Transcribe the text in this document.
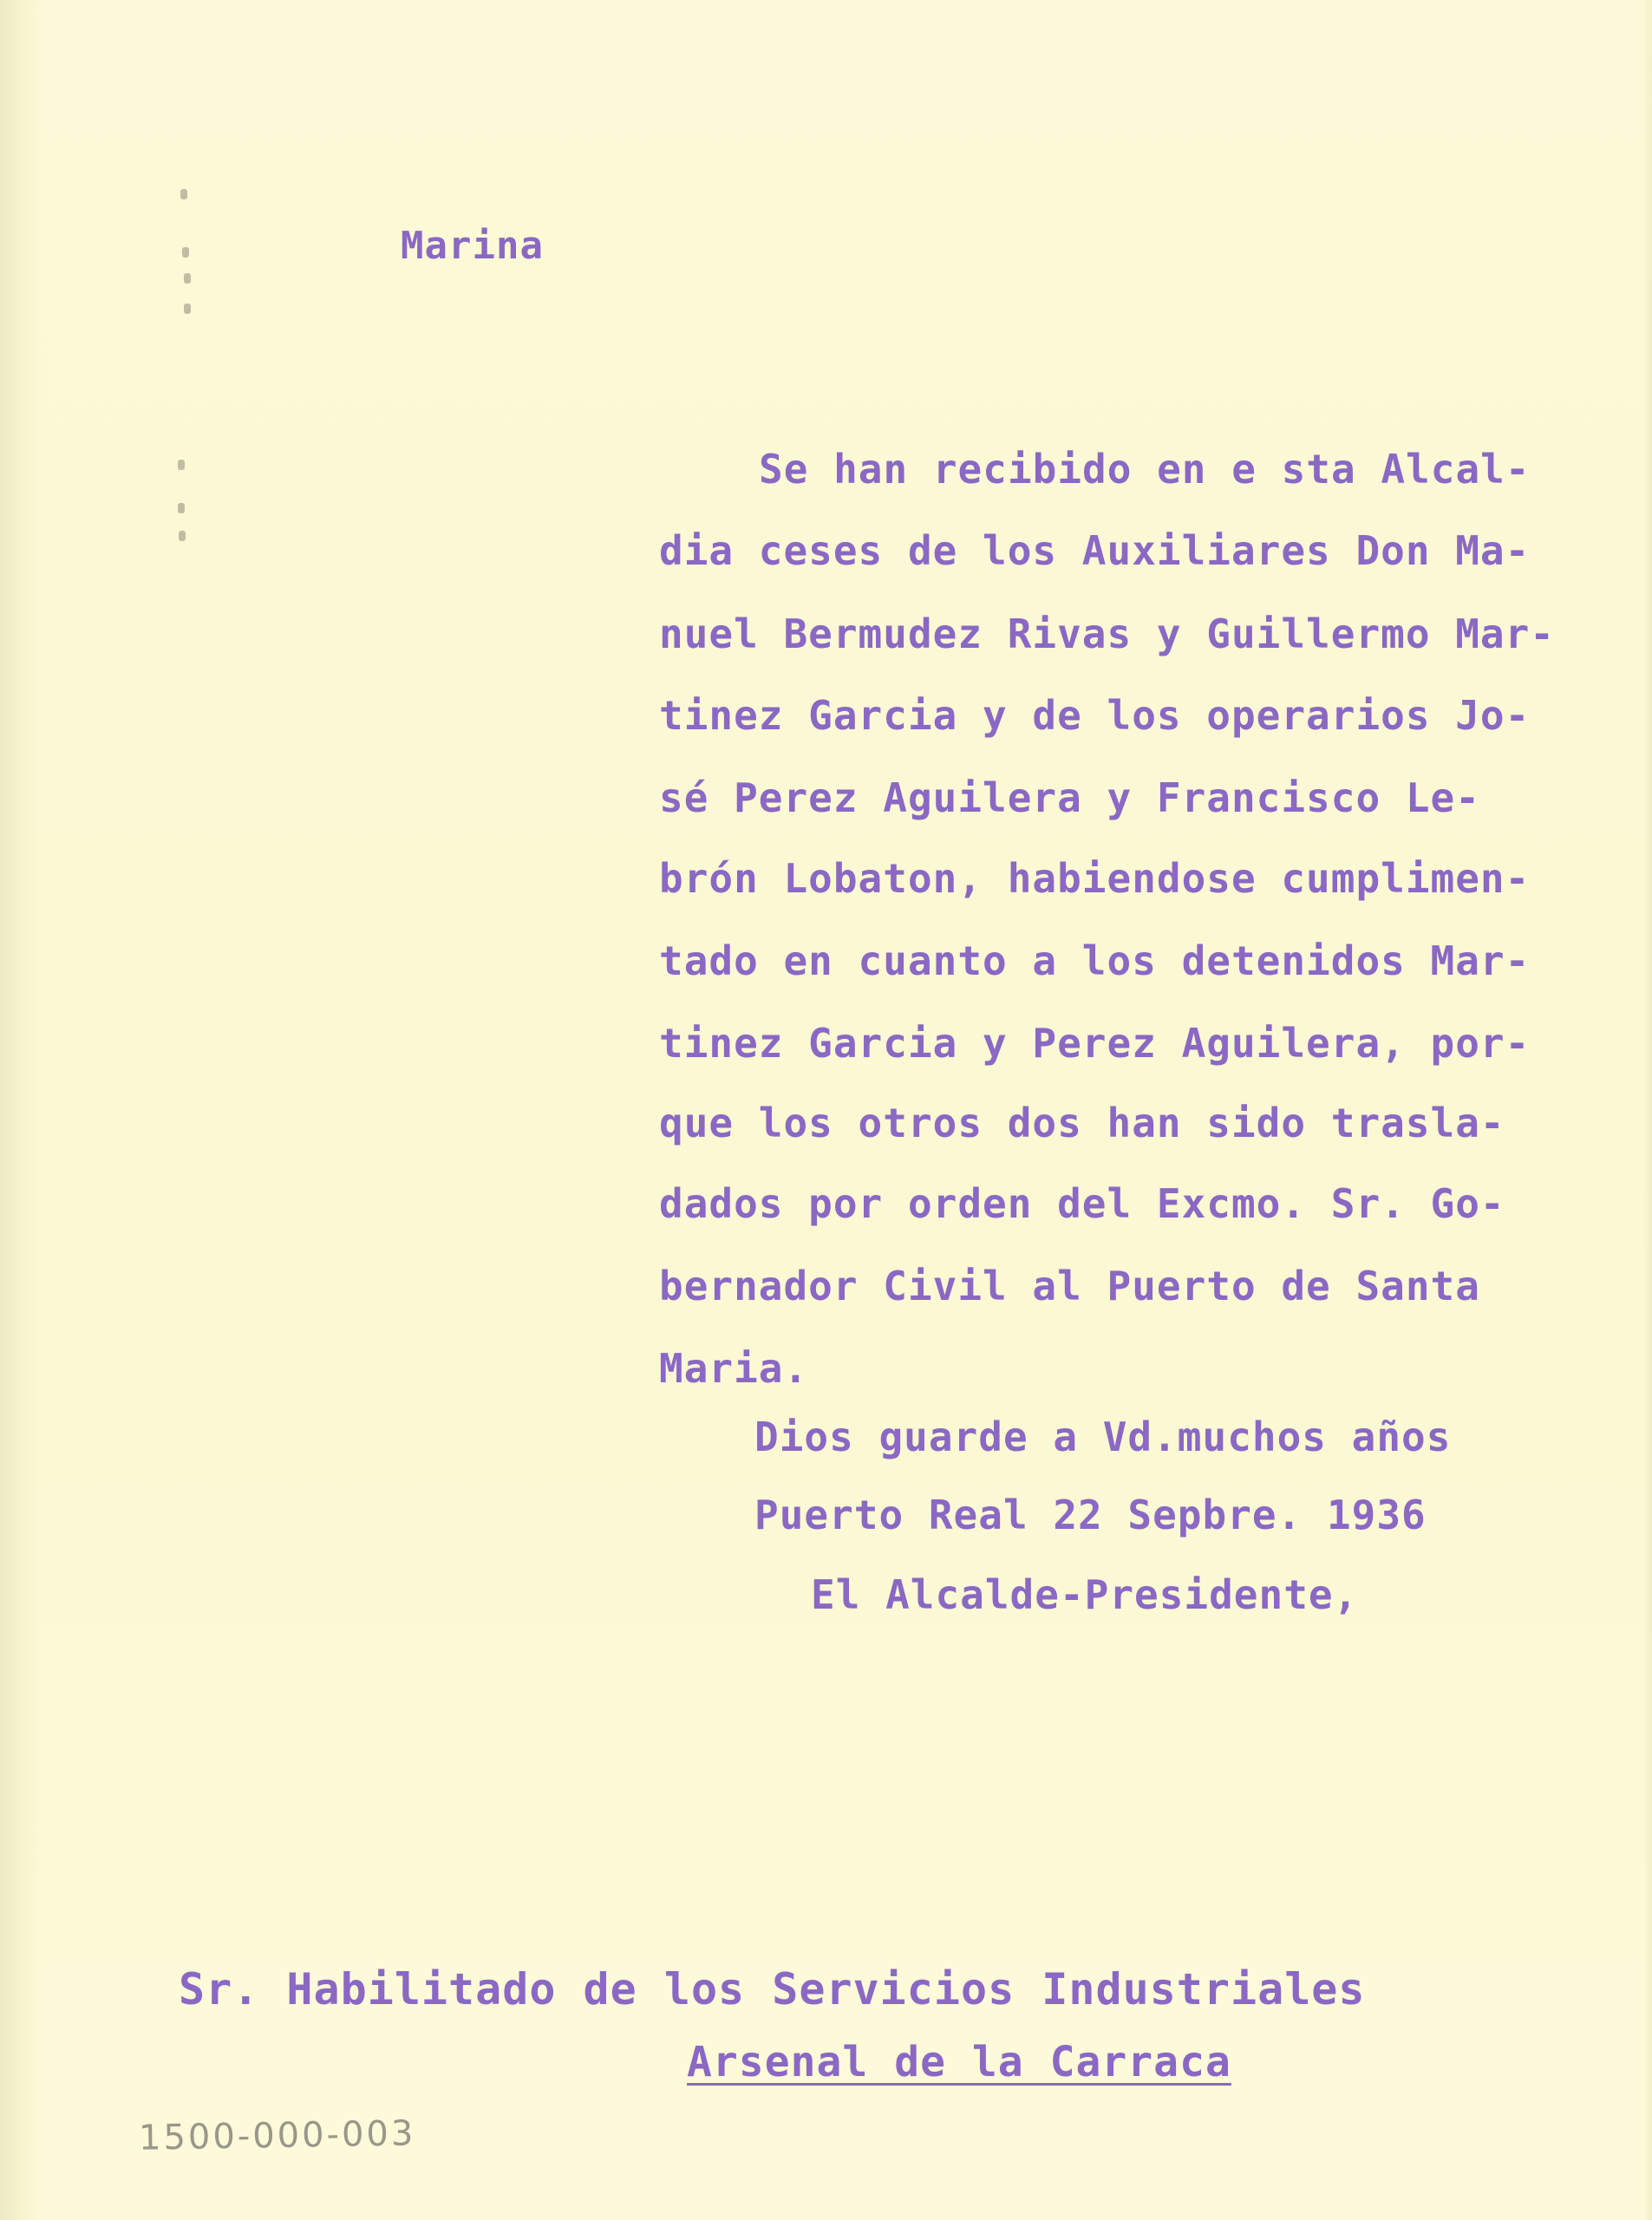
Marina

Se han recibido en e sta Alcal-

dia ceses de los Auxiliares Don Ma-

nuel Bermudez Rivas y Guillermo Mar-

tinez Garcia y de los operarios Jo-

sé Perez Aguilera y Francisco Le-

brón Lobaton, habiendose cumplimen-

tado en cuanto a los detenidos Mar-

tinez Garcia y Perez Aguilera, por-

que los otros dos han sido trasla-

dados por orden del Excmo. Sr. Go-

bernador Civil al Puerto de Santa

Maria.

Dios guarde a Vd.muchos años

Puerto Real 22 Sepbre. 1936

El Alcalde-Presidente,

Sr. Habilitado de los Servicios Industriales

Arsenal de la Carraca

1500-000-003
